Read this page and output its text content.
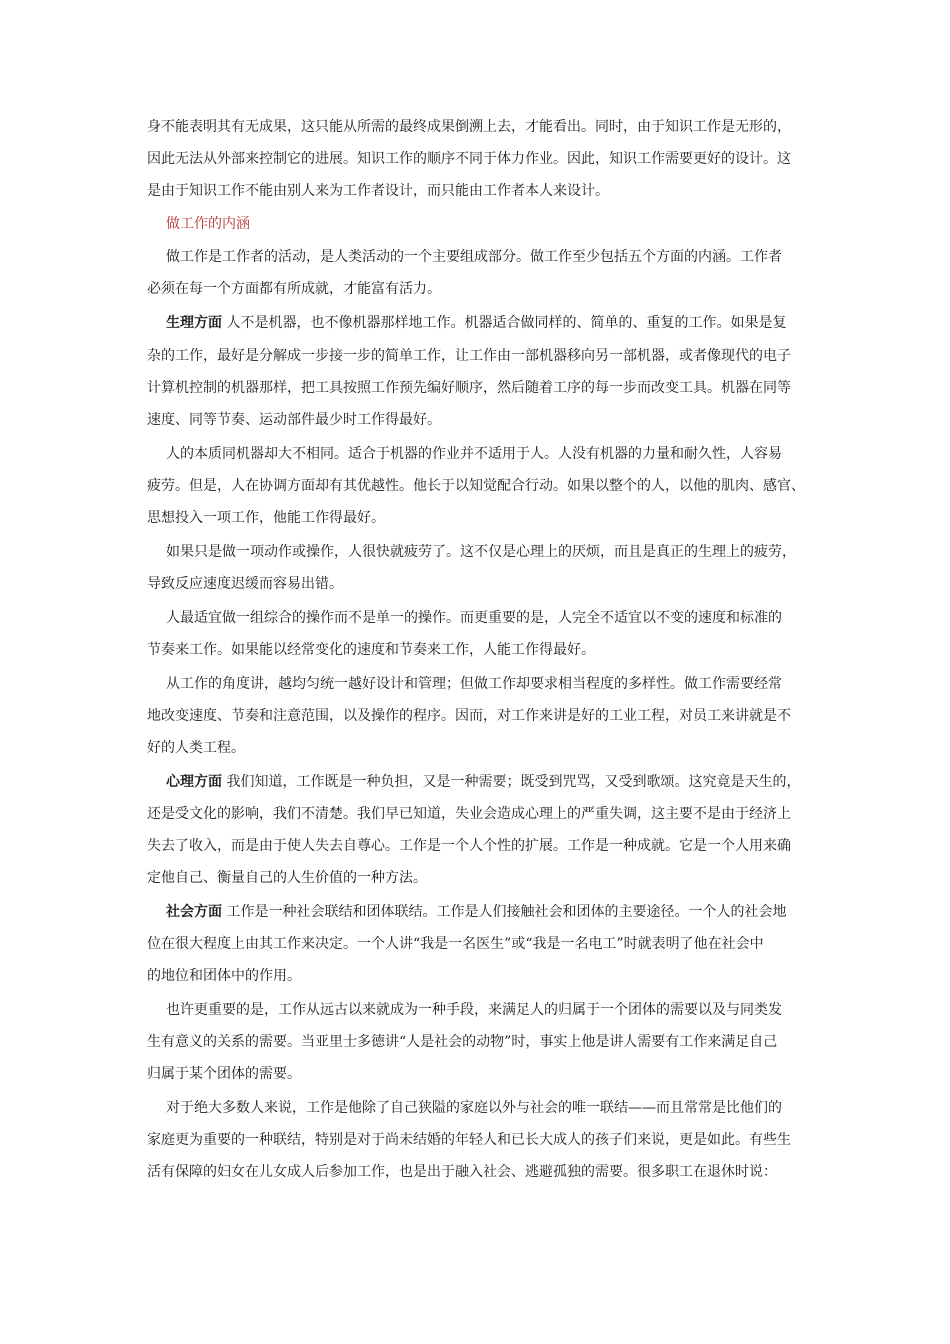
身不能表明其有无成果，这只能从所需的最终成果倒溯上去，才能看出。同时，由于知识工作是无形的，
因此无法从外部来控制它的进展。知识工作的顺序不同于体力作业。因此，知识工作需要更好的设计。这
是由于知识工作不能由别人来为工作者设计，而只能由工作者本人来设计。
做工作的内涵
做工作是工作者的活动，是人类活动的一个主要组成部分。做工作至少包括五个方面的内涵。工作者
必须在每一个方面都有所成就，才能富有活力。
生理方面 人不是机器，也不像机器那样地工作。机器适合做同样的、简单的、重复的工作。如果是复
杂的工作，最好是分解成一步接一步的简单工作，让工作由一部机器移向另一部机器，或者像现代的电子
计算机控制的机器那样，把工具按照工作预先编好顺序，然后随着工序的每一步而改变工具。机器在同等
速度、同等节奏、运动部件最少时工作得最好。
人的本质同机器却大不相同。适合于机器的作业并不适用于人。人没有机器的力量和耐久性，人容易
疲劳。但是，人在协调方面却有其优越性。他长于以知觉配合行动。如果以整个的人，以他的肌肉、感官、
思想投入一项工作，他能工作得最好。
如果只是做一项动作或操作，人很快就疲劳了。这不仅是心理上的厌烦，而且是真正的生理上的疲劳，
导致反应速度迟缓而容易出错。
人最适宜做一组综合的操作而不是单一的操作。而更重要的是，人完全不适宜以不变的速度和标准的
节奏来工作。如果能以经常变化的速度和节奏来工作，人能工作得最好。
从工作的角度讲，越均匀统一越好设计和管理；但做工作却要求相当程度的多样性。做工作需要经常
地改变速度、节奏和注意范围，以及操作的程序。因而，对工作来讲是好的工业工程，对员工来讲就是不
好的人类工程。
心理方面 我们知道，工作既是一种负担，又是一种需要；既受到咒骂，又受到歌颂。这究竟是天生的，
还是受文化的影响，我们不清楚。我们早已知道，失业会造成心理上的严重失调，这主要不是由于经济上
失去了收入，而是由于使人失去自尊心。工作是一个人个性的扩展。工作是一种成就。它是一个人用来确
定他自己、衡量自己的人生价值的一种方法。
社会方面 工作是一种社会联结和团体联结。工作是人们接触社会和团体的主要途径。一个人的社会地
位在很大程度上由其工作来决定。一个人讲“我是一名医生”或“我是一名电工”时就表明了他在社会中
的地位和团体中的作用。
也许更重要的是，工作从远古以来就成为一种手段，来满足人的归属于一个团体的需要以及与同类发
生有意义的关系的需要。当亚里士多德讲“人是社会的动物”时，事实上他是讲人需要有工作来满足自己
归属于某个团体的需要。
对于绝大多数人来说，工作是他除了自己狭隘的家庭以外与社会的唯一联结——而且常常是比他们的
家庭更为重要的一种联结，特别是对于尚未结婚的年轻人和已长大成人的孩子们来说，更是如此。有些生
活有保障的妇女在儿女成人后参加工作，也是出于融入社会、逃避孤独的需要。很多职工在退休时说：
